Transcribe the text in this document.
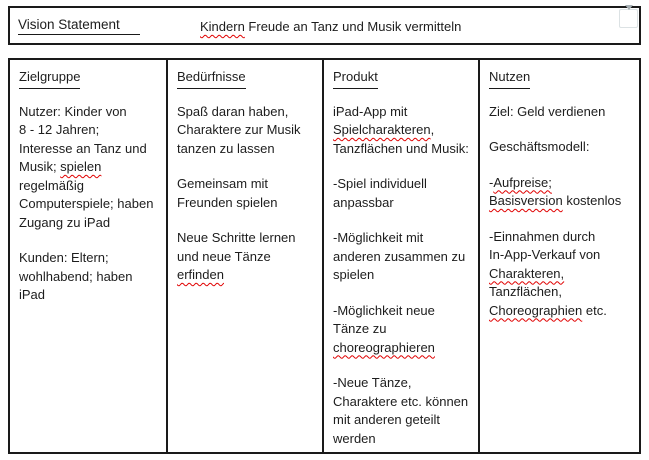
Vision Statement	Kindern Freude an Tanz und Musik vermitteln
Zielgruppe
Nutzer: Kinder von
8 - 12 Jahren;
Interesse an Tanz und
Musik; spielen
regelmäßig
Computerspiele; haben
Zugang zu iPad
Kunden: Eltern;
wohlhabend; haben
iPad
Bedürfnisse
Spaß daran haben,
Charaktere zur Musik
tanzen zu lassen
Gemeinsam mit
Freunden spielen
Neue Schritte lernen
und neue Tänze
erfinden
Produkt
iPad-App mit
Spielcharakteren,
Tanzflächen und Musik:
-Spiel individuell
anpassbar
-Möglichkeit mit
anderen zusammen zu
spielen
-Möglichkeit neue
Tänze zu
choreographieren
-Neue Tänze,
Charaktere etc. können
mit anderen geteilt
werden
Nutzen
Ziel: Geld verdienen
Geschäftsmodell:
-Aufpreise;
Basisversion kostenlos
-Einnahmen durch
In-App-Verkauf von
Charakteren,
Tanzflächen,
Choreographien etc.
